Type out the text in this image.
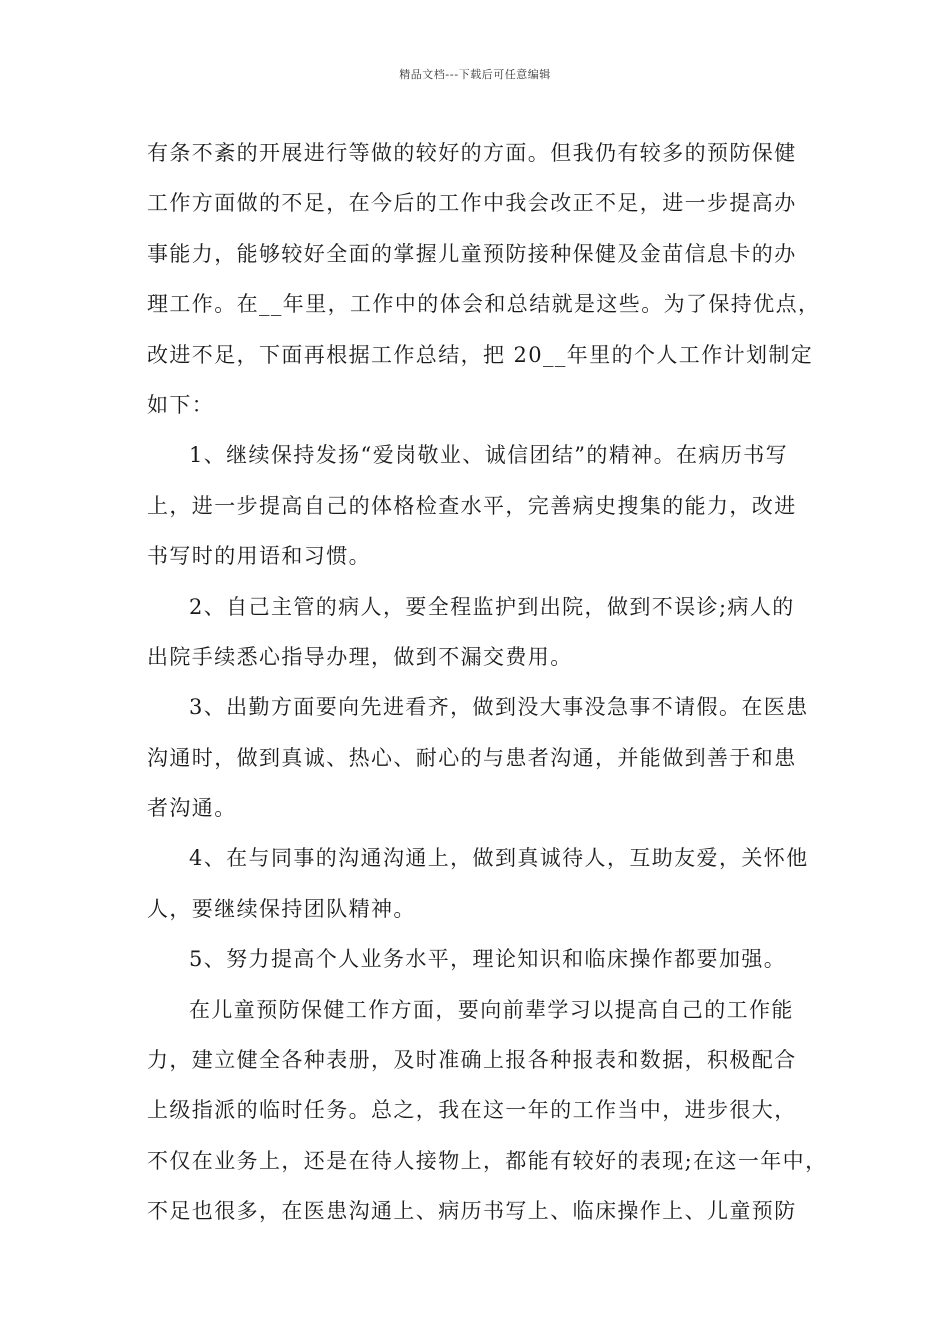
精品文档---下载后可任意编辑
有条不紊的开展进行等做的较好的方面。但我仍有较多的预防保健
工作方面做的不足，在今后的工作中我会改正不足，进一步提高办
事能力，能够较好全面的掌握儿童预防接种保健及金苗信息卡的办
理工作。在__年里，工作中的体会和总结就是这些。为了保持优点，
改进不足，下面再根据工作总结，把 20__年里的个人工作计划制定
如下：
1、继续保持发扬“爱岗敬业、诚信团结”的精神。在病历书写
上，进一步提高自己的体格检查水平，完善病史搜集的能力，改进
书写时的用语和习惯。
2、自己主管的病人，要全程监护到出院，做到不误诊;病人的
出院手续悉心指导办理，做到不漏交费用。
3、出勤方面要向先进看齐，做到没大事没急事不请假。在医患
沟通时，做到真诚、热心、耐心的与患者沟通，并能做到善于和患
者沟通。
4、在与同事的沟通沟通上，做到真诚待人，互助友爱，关怀他
人，要继续保持团队精神。
5、努力提高个人业务水平，理论知识和临床操作都要加强。
在儿童预防保健工作方面，要向前辈学习以提高自己的工作能
力，建立健全各种表册，及时准确上报各种报表和数据，积极配合
上级指派的临时任务。总之，我在这一年的工作当中，进步很大，
不仅在业务上，还是在待人接物上，都能有较好的表现;在这一年中，
不足也很多，在医患沟通上、病历书写上、临床操作上、儿童预防
